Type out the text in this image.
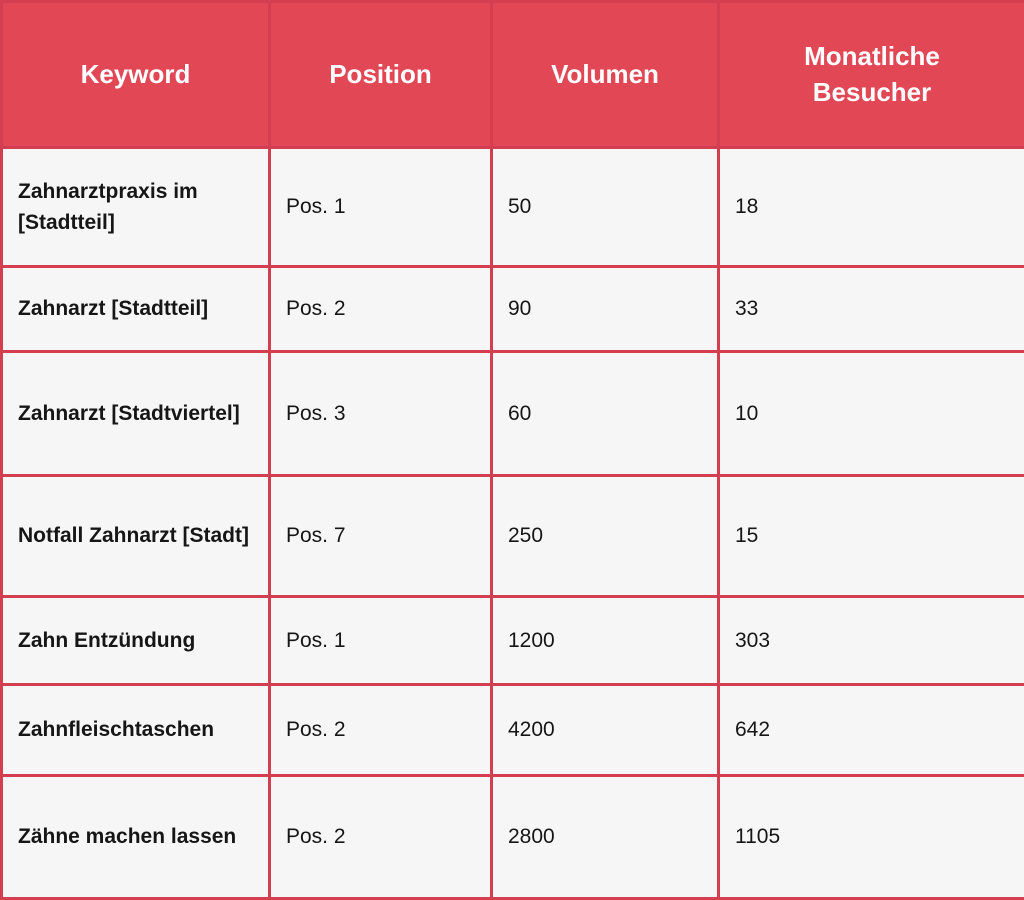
Keyword	Position	Volumen	Monatliche Besucher
Zahnarztpraxis im [Stadtteil]	Pos. 1	50	18
Zahnarzt [Stadtteil]	Pos. 2	90	33
Zahnarzt [Stadtviertel]	Pos. 3	60	10
Notfall Zahnarzt [Stadt]	Pos. 7	250	15
Zahn Entzündung	Pos. 1	1200	303
Zahnfleischtaschen	Pos. 2	4200	642
Zähne machen lassen	Pos. 2	2800	1105
